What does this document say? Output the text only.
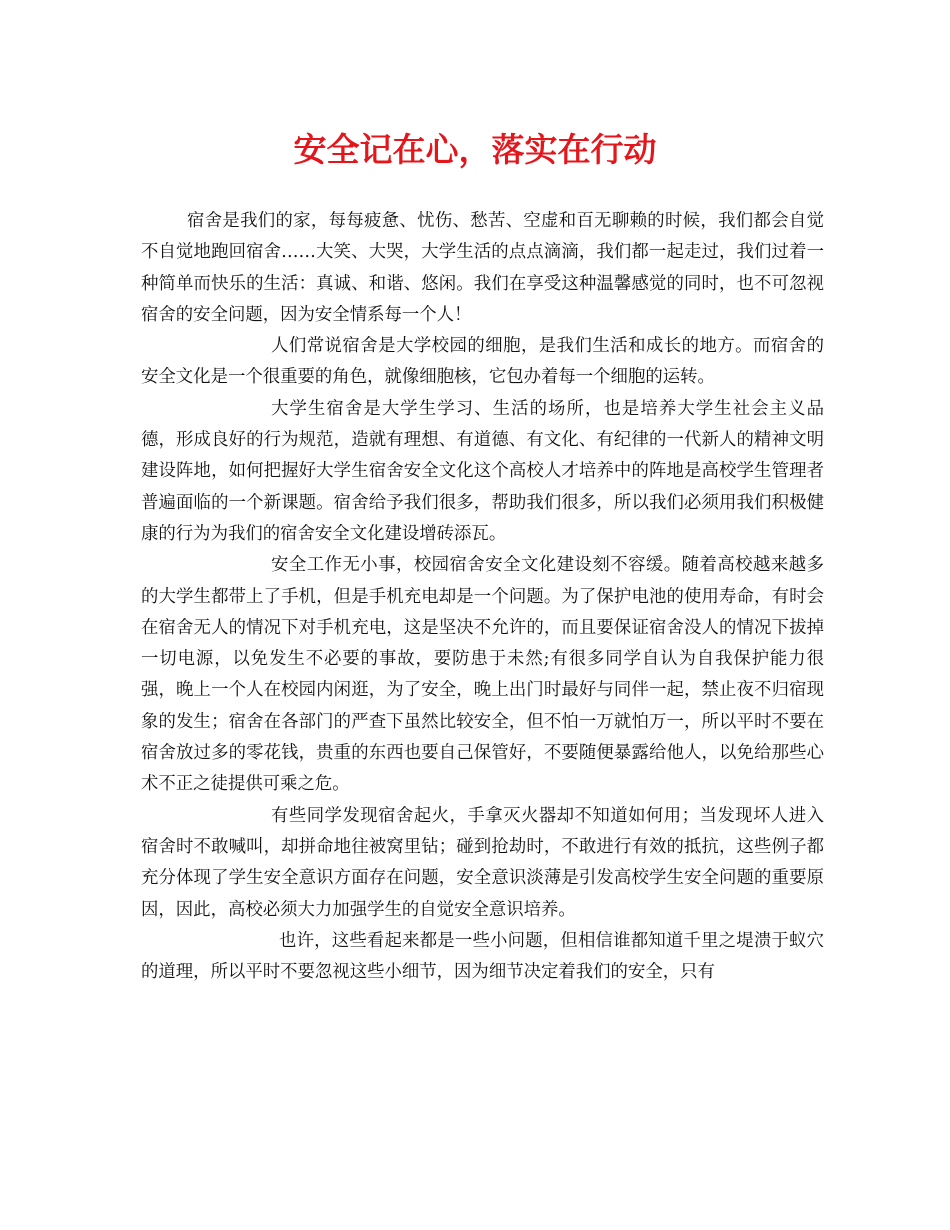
安全记在心，落实在行动

宿舍是我们的家，每每疲惫、忧伤、愁苦、空虚和百无聊赖的时候，我们都会自觉不自觉地跑回宿舍……大笑、大哭，大学生活的点点滴滴，我们都一起走过，我们过着一种简单而快乐的生活：真诚、和谐、悠闲。我们在享受这种温馨感觉的同时，也不可忽视宿舍的安全问题，因为安全情系每一个人！

人们常说宿舍是大学校园的细胞，是我们生活和成长的地方。而宿舍的安全文化是一个很重要的角色，就像细胞核，它包办着每一个细胞的运转。

大学生宿舍是大学生学习、生活的场所，也是培养大学生社会主义品德，形成良好的行为规范，造就有理想、有道德、有文化、有纪律的一代新人的精神文明建设阵地，如何把握好大学生宿舍安全文化这个高校人才培养中的阵地是高校学生管理者普遍面临的一个新课题。宿舍给予我们很多，帮助我们很多，所以我们必须用我们积极健康的行为为我们的宿舍安全文化建设增砖添瓦。

安全工作无小事，校园宿舍安全文化建设刻不容缓。随着高校越来越多的大学生都带上了手机，但是手机充电却是一个问题。为了保护电池的使用寿命，有时会在宿舍无人的情况下对手机充电，这是坚决不允许的，而且要保证宿舍没人的情况下拔掉一切电源，以免发生不必要的事故，要防患于未然;有很多同学自认为自我保护能力很强，晚上一个人在校园内闲逛，为了安全，晚上出门时最好与同伴一起，禁止夜不归宿现象的发生；宿舍在各部门的严查下虽然比较安全，但不怕一万就怕万一，所以平时不要在宿舍放过多的零花钱，贵重的东西也要自己保管好，不要随便暴露给他人，以免给那些心术不正之徒提供可乘之危。

有些同学发现宿舍起火，手拿灭火器却不知道如何用；当发现坏人进入宿舍时不敢喊叫，却拼命地往被窝里钻；碰到抢劫时，不敢进行有效的抵抗，这些例子都充分体现了学生安全意识方面存在问题，安全意识淡薄是引发高校学生安全问题的重要原因，因此，高校必须大力加强学生的自觉安全意识培养。

也许，这些看起来都是一些小问题，但相信谁都知道千里之堤溃于蚁穴的道理，所以平时不要忽视这些小细节，因为细节决定着我们的安全，只有
